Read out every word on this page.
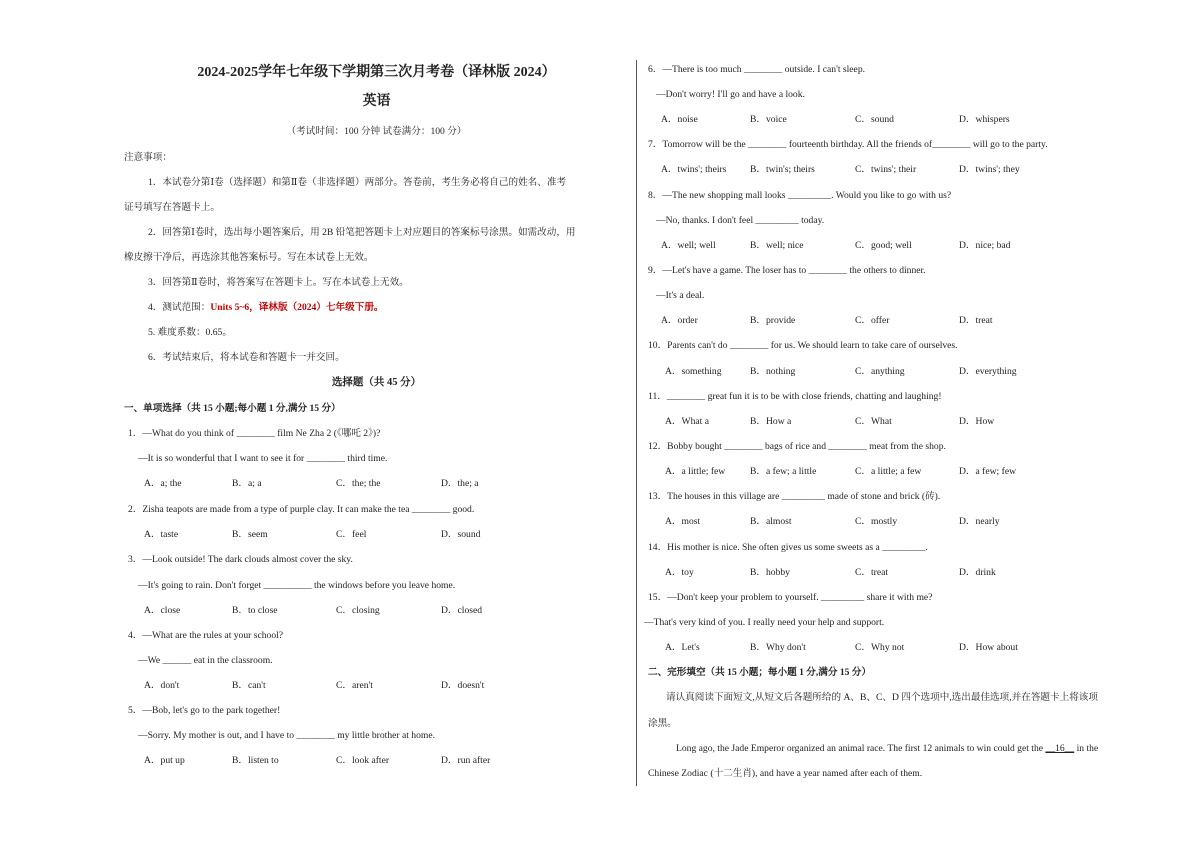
2024-2025学年七年级下学期第三次月考卷（译林版 2024）
英语
（考试时间：100 分钟 试卷满分：100 分）
注意事项：
1．本试卷分第Ⅰ卷（选择题）和第Ⅱ卷（非选择题）两部分。答卷前，考生务必将自己的姓名、准考
证号填写在答题卡上。
2．回答第Ⅰ卷时，选出每小题答案后，用 2B 铅笔把答题卡上对应题目的答案标号涂黑。如需改动，用
橡皮擦干净后，再选涂其他答案标号。写在本试卷上无效。
3．回答第Ⅱ卷时，将答案写在答题卡上。写在本试卷上无效。
4．测试范围：Units 5~6，译林版（2024）七年级下册。
5. 难度系数：0.65。
6．考试结束后，将本试卷和答题卡一并交回。
选择题（共 45 分）
一、单项选择（共 15 小题;每小题 1 分,满分 15 分）
1．—What do you think of ________ film Ne Zha 2 (《哪吒 2》)?
—It is so wonderful that I want to see it for ________ third time.
A．a; the	B．a; a	C．the; the	D．the; a
2．Zisha teapots are made from a type of purple clay. It can make the tea ________ good.
A．taste	B．seem	C．feel	D．sound
3．—Look outside! The dark clouds almost cover the sky.
—It's going to rain. Don't forget __________ the windows before you leave home.
A．close	B．to close	C．closing	D．closed
4．—What are the rules at your school?
—We ______ eat in the classroom.
A．don't	B．can't	C．aren't	D．doesn't
5．—Bob, let's go to the park together!
—Sorry. My mother is out, and I have to ________ my little brother at home.
A．put up	B．listen to	C．look after	D．run after
6．—There is too much ________ outside. I can't sleep.
—Don't worry! I'll go and have a look.
A．noise	B．voice	C．sound	D．whispers
7．Tomorrow will be the ________ fourteenth birthday. All the friends of________ will go to the party.
A．twins'; theirs B．twin's; theirs	C．twins'; their	D．twins'; they
8．—The new shopping mall looks _________. Would you like to go with us?
—No, thanks. I don't feel _________ today.
A．well; well	B．well; nice	C．good; well	D．nice; bad
9．—Let's have a game. The loser has to ________ the others to dinner.
—It's a deal.
A．order	B．provide	C．offer	D．treat
10．Parents can't do ________ for us. We should learn to take care of ourselves.
A．something	B．nothing	C．anything	D．everything
11．________ great fun it is to be with close friends, chatting and laughing!
A．What a	B．How a	C．What	D．How
12．Bobby bought ________ bags of rice and ________ meat from the shop.
A．a little; few	B．a few; a little	C．a little; a few	D．a few; few
13．The houses in this village are _________ made of stone and brick (砖).
A．most	B．almost	C．mostly	D．nearly
14．His mother is nice. She often gives us some sweets as a _________.
A．toy	B．hobby	C．treat	D．drink
15．—Don't keep your problem to yourself. _________ share it with me?
—That's very kind of you. I really need your help and support.
A．Let's	B．Why don't	C．Why not	D．How about
二、完形填空（共 15 小题；每小题 1 分,满分 15 分）
请认真阅读下面短文,从短文后各题所给的 A、B、C、D 四个选项中,选出最佳选项,并在答题卡上将该项
涂黑。
Long ago, the Jade Emperor organized an animal race. The first 12 animals to win could get the __16__ in the
Chinese Zodiac (十二生肖), and have a year named after each of them.
